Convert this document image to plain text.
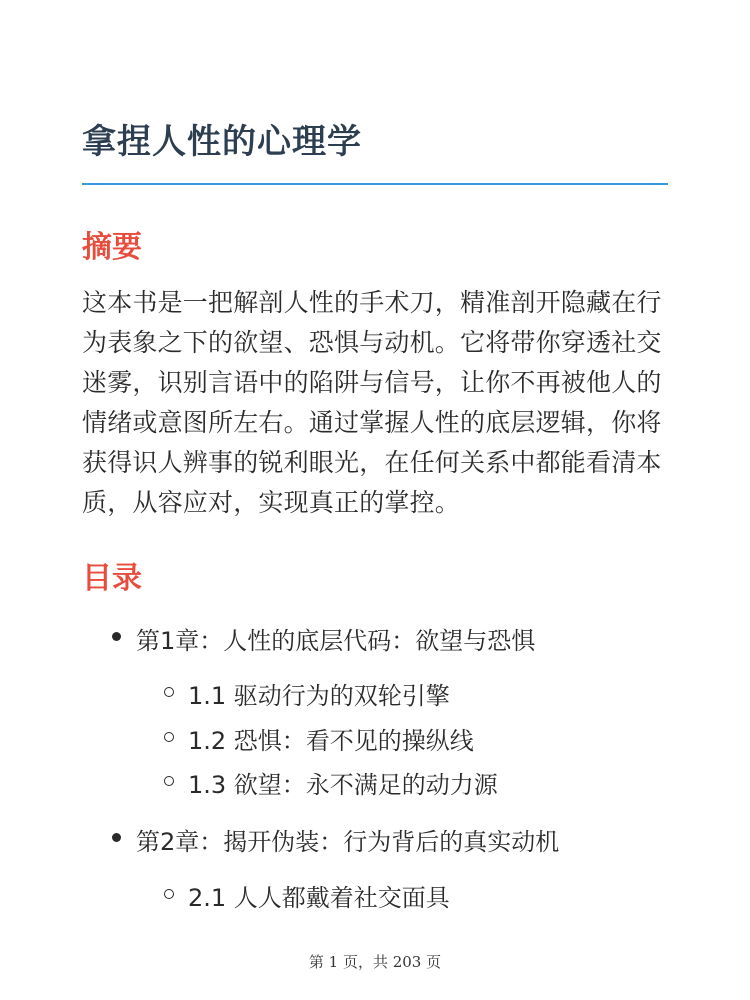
拿捏人性的心理学
摘要

这本书是一把解剖人性的手术刀，精准剖开隐藏在行为表象之下的欲望、恐惧与动机。它将带你穿透社交迷雾，识别言语中的陷阱与信号，让你不再被他人的情绪或意图所左右。通过掌握人性的底层逻辑，你将获得识人辨事的锐利眼光，在任何关系中都能看清本质，从容应对，实现真正的掌控。

目录
第1章：人性的底层代码：欲望与恐惧
1.1 驱动行为的双轮引擎
1.2 恐惧：看不见的操纵线
1.3 欲望：永不满足的动力源
第2章：揭开伪装：行为背后的真实动机
2.1 人人都戴着社交面具
第 1 页，共 203 页
